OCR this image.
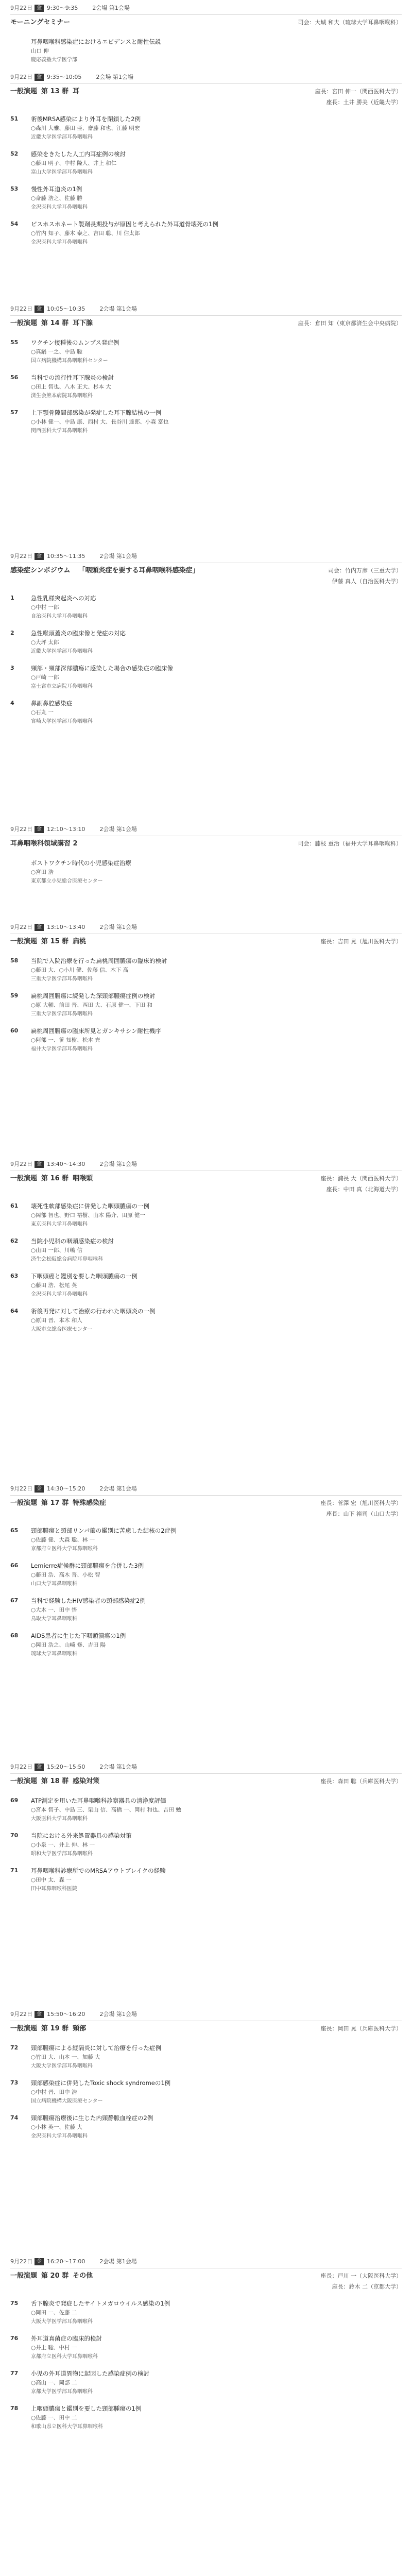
9月22日 金 9:30〜9:35	2会場 第1会場
モーニングセミナー	司会：大城 和夫（琉球大学耳鼻咽喉科）
耳鼻咽喉科感染症におけるエビデンスと耐性伝説
山口 伸
慶応義塾大学医学部
9月22日 金 9:35〜10:05	2会場 第1会場
一般演題 第 13 群 耳	座長：宮田 伸一（関西医科大学）
座長：土井 勝美（近畿大学）
51 術後MRSA感染により外耳を閉鎖した2例
○森川 大雅、藤田 亜、齋藤 和也、江藤 明宏
近畿大学医学部耳鼻咽喉科
52 感染をきたした人工内耳症例の検討
○藤田 明子、中村 隆人、井上 和仁
富山大学医学部耳鼻咽喉科
53 慢性外耳道炎の1例
○斎藤 浩之、佐藤 勝
金沢医科大学耳鼻咽喉科
54 ビスホスホネート製剤長期投与が原因と考えられた外耳道骨壊死の1例
○竹内 知子、藤木 泰之、吉田 聡、川 信太郎
金沢医科大学耳鼻咽喉科
9月22日 金 10:05〜10:35	2会場 第1会場
一般演題 第 14 群 耳下腺	座長：倉田 知（東京都済生会中央病院）
55 ワクチン接種後のムンプス発症例
○真鍋 一之、中島 聡
国立病院機構耳鼻咽喉科センター
56 当科での流行性耳下腺炎の検討
○田上 智也、八木 正大、杉本 大
済生会熊本病院耳鼻咽喉科
57 上下顎骨隙間部感染が発症した耳下腺結核の一例
○小林 健一、中島 康、西村 大、長谷川 達郎、小森 富也
関西医科大学耳鼻咽喉科
9月22日 金 10:35〜11:35	2会場 第1会場
感染症シンポジウム 「咽頭炎症を要する耳鼻咽喉科感染症」	司会：竹内万彦（三重大学）
伊藤 真人（自治医科大学）
1	急性乳様突起炎への対応
○中村 一郎
自治医科大学耳鼻咽喉科
2	急性喉頭蓋炎の臨床像と発症の対応
○大坪 太郎
近畿大学医学部耳鼻咽喉科
3	頸部・頸部深部膿瘍に感染した場合の感染症の臨床像
○戸崎 一郎
富士宮市立病院耳鼻咽喉科
4	鼻副鼻腔感染症
○石丸 一
宮崎大学医学部耳鼻咽喉科
9月22日 金 12:10〜13:10	2会場 第1会場
耳鼻咽喉科領域講習 2	司会：藤枝 重治（福井大学耳鼻咽喉科）
ポストワクチン時代の小児感染症治療
○宮田 浩
東京都立小児総合医療センター
9月22日 金 13:10〜13:40	2会場 第1会場
一般演題 第 15 群 扁桃	座長：吉田 晃（旭川医科大学）
58 当院で入院治療を行った扁桃周囲膿瘍の臨床的検討
○藤田 大、○小川 健、佐藤 信、木下 高
三重大学医学部耳鼻咽喉科
59 扁桃周囲膿瘍に続発した深頸部膿瘍症例の検討
○原 大輔、前田 晋、西田 大、石原 健一、下田 和
三重大学医学部耳鼻咽喉科
60 扁桃周囲膿瘍の臨床所見とガンキサシン耐性機序
○阿部 一、笹 知樹、松本 充
福井大学医学部耳鼻咽喉科
9月22日 金 13:40〜14:30	2会場 第1会場
一般演題 第 16 群 咽喉頭	座長：浦長 大（関西医科大学）
座長：中田 真（北海道大学）
61 壊死性軟部感染症に併発した咽頭膿瘍の一例
○岡部 智也、野口 裕樹、山本 陽介、田原 健一
東京医科大学耳鼻咽喉科
62 当院小児科の咽頭感染症の検討
○山田 一郎、川嶋 信
済生会松阪総合病院耳鼻咽喉科
63 下咽頭癌と鑑別を要した咽頭膿瘍の一例
○藤田 浩、松尾 英
金沢医科大学耳鼻咽喉科
64 術後再発に対して治療の行われた咽頭炎の一例
○原田 晋、本木 和人
大阪市立総合医療センター
9月22日 金 14:30〜15:20	2会場 第1会場
一般演題 第 17 群 特殊感染症	座長：菅澤 宏（旭川医科大学）
座長：山下 裕司（山口大学）
65 頸部膿瘍と頸部リンパ節の鑑別に苦慮した結核の2症例
○佐藤 健、大森 聡、林 一
京都府立医科大学耳鼻咽喉科
66 Lemierre症候群に頸部膿瘍を合併した3例
○藤田 浩、高木 晋、小松 智
山口大学耳鼻咽喉科
67 当科で経験したHIV感染者の頸部感染症2例
○大木 一、田中 悟
鳥取大学耳鼻咽喉科
68 AIDS患者に生じた下咽頭潰瘍の1例
○岡田 浩之、山崎 修、吉田 陽
琉球大学耳鼻咽喉科
9月22日 金 15:20〜15:50	2会場 第1会場
一般演題 第 18 群 感染対策	座長：森田 聡（兵庫医科大学）
69 ATP測定を用いた耳鼻咽喉科診察器具の清浄度評価
○宮本 智子、中島 三、栗山 信、高橋 一、岡村 和也、吉田 勉
大阪医科大学耳鼻咽喉科
70 当院における外来処置器具の感染対策
○小泉 一、井上 伸、林 一
昭和大学医学部耳鼻咽喉科
71 耳鼻咽喉科診療所でのMRSAアウトブレイクの経験
○田中 太、森 一
田中耳鼻咽喉科医院
9月22日 金 15:50〜16:20	2会場 第1会場
一般演題 第 19 群 頸部	座長：岡田 晃（兵庫医科大学）
72 頸部膿瘍による縦隔炎に対して治療を行った症例
○竹田 大、山本 一、加藤 大
大阪大学医学部耳鼻咽喉科
73 頸部感染症に併発したToxic shock syndromeの1例
○中村 晋、田中 浩
国立病院機構大阪医療センター
74 頸部膿瘍治療後に生じた内頸静脈血栓症の2例
○小林 英一、佐藤 大
金沢医科大学耳鼻咽喉科
9月22日 金 16:20〜17:00	2会場 第1会場
一般演題 第 20 群 その他	座長：戸川 一（大阪医科大学）
座長：鈴木 二（京都大学）
75 舌下腺炎で発症したサイトメガロウイルス感染の1例
○岡田 一、佐藤 二
大阪大学医学部耳鼻咽喉科
76 外耳道真菌症の臨床的検討
○井上 聡、中村 一
京都府立医科大学耳鼻咽喉科
77 小児の外耳道異物に起因した感染症例の検討
○高山 一、岡部 二
京都大学医学部耳鼻咽喉科
78 上咽頭膿瘍と鑑別を要した頸部腫瘍の1例
○佐藤 一、田中 二
和歌山県立医科大学耳鼻咽喉科
